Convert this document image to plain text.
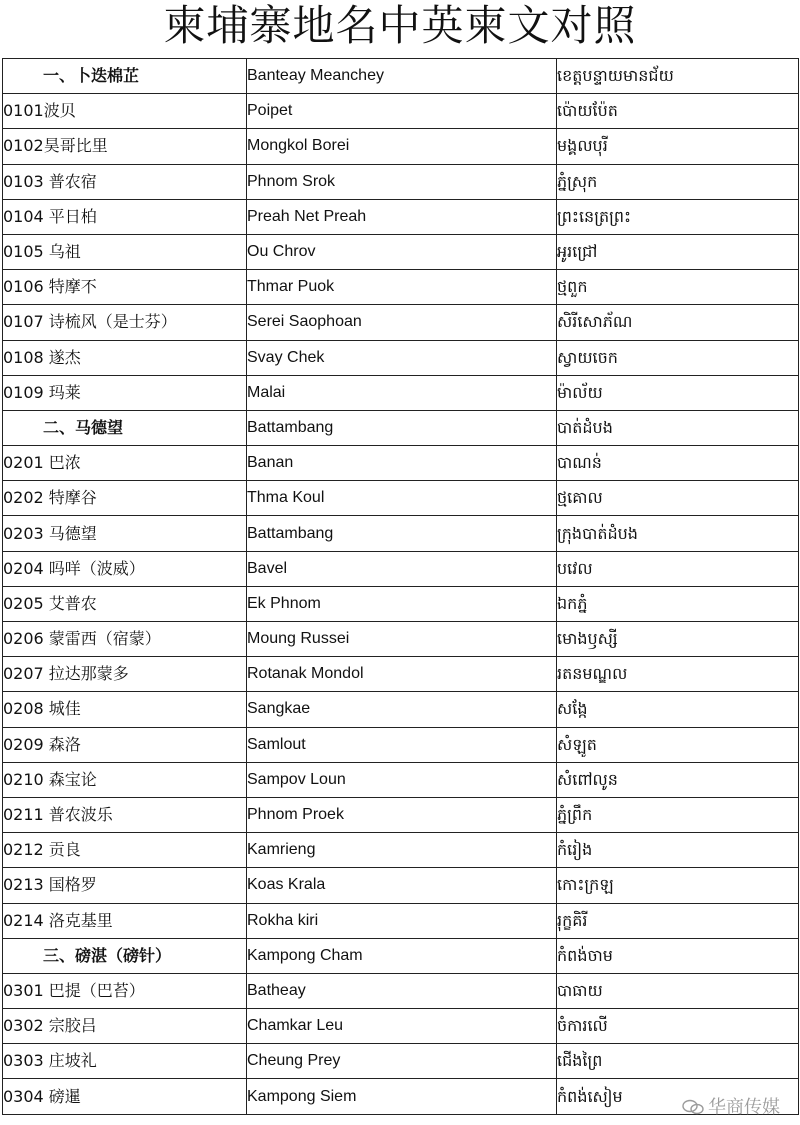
柬埔寨地名中英柬文对照
一、卜迭棉芷	Banteay Meanchey	ខេត្តបន្ទាយមានជ័យ
0101波贝	Poipet	ប៉ោយប៉ែត
0102昊哥比里	Mongkol Borei	មង្គលបុរី
0103 普农宿	Phnom Srok	ភ្នំស្រុក
0104 平日柏	Preah Net Preah	ព្រះនេត្រព្រះ
0105 乌祖	Ou Chrov	អូរជ្រៅ
0106 特摩不	Thmar Puok	ថ្មពួក
0107 诗梳风（是士芬）	Serei Saophoan	សិរីសោភ័ណ
0108 遂杰	Svay Chek	ស្វាយចេក
0109 玛莱	Malai	ម៉ាល័យ
二、马德望	Battambang	បាត់ដំបង
0201 巴浓	Banan	បាណន់
0202 特摩谷	Thma Koul	ថ្មគោល
0203 马德望	Battambang	ក្រុងបាត់ដំបង
0204 吗咩（波威）	Bavel	បវេល
0205 艾普农	Ek Phnom	ឯកភ្នំ
0206 蒙雷西（宿蒙）	Moung Russei	មោងឫស្សី
0207 拉达那蒙多	Rotanak Mondol	រតនមណ្ឌល
0208 城佳	Sangkae	សង្កែ
0209 森洛	Samlout	សំឡូត
0210 森宝论	Sampov Loun	សំពៅលូន
0211 普农波乐	Phnom Proek	ភ្នំព្រឹក
0212 贡良	Kamrieng	កំរៀង
0213 国格罗	Koas Krala	កោះក្រឡ
0214 洛克基里	Rokha kiri	រុក្ខគិរី
三、磅湛（磅针）	Kampong Cham	កំពង់ចាម
0301 巴提（巴苔）	Batheay	បាធាយ
0302 宗胶吕	Chamkar Leu	ចំការលើ
0303 庄坡礼	Cheung Prey	ជើងព្រៃ
0304 磅暹	Kampong Siem	កំពង់សៀម
华商传媒
